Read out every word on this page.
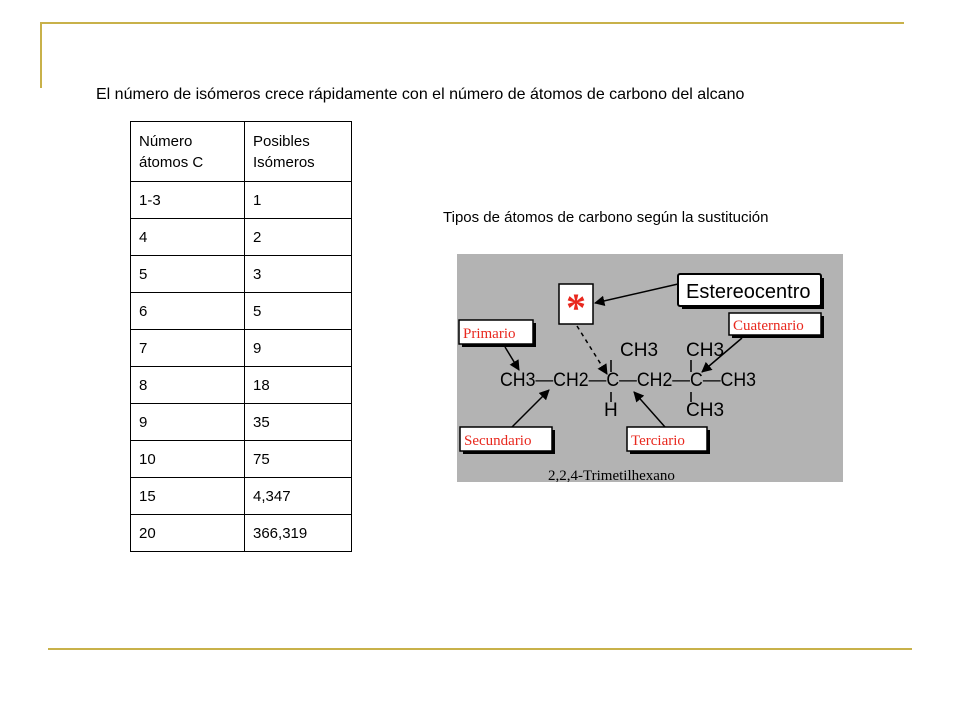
El número de isómeros crece rápidamente con el número de átomos de carbono del alcano
Número átomos C	Posibles Isómeros
1-3	1
4	2
5	3
6	5
7	9
8	18
9	35
10	75
15	4,347
20	366,319
Tipos de átomos de carbono según la sustitución
*	Estereocentro
Primario	Cuaternario
Secundario	Terciario
CH3 CH3
CH3—CH2—C—CH2—C—CH3
H	CH3
2,2,4-Trimetilhexano
